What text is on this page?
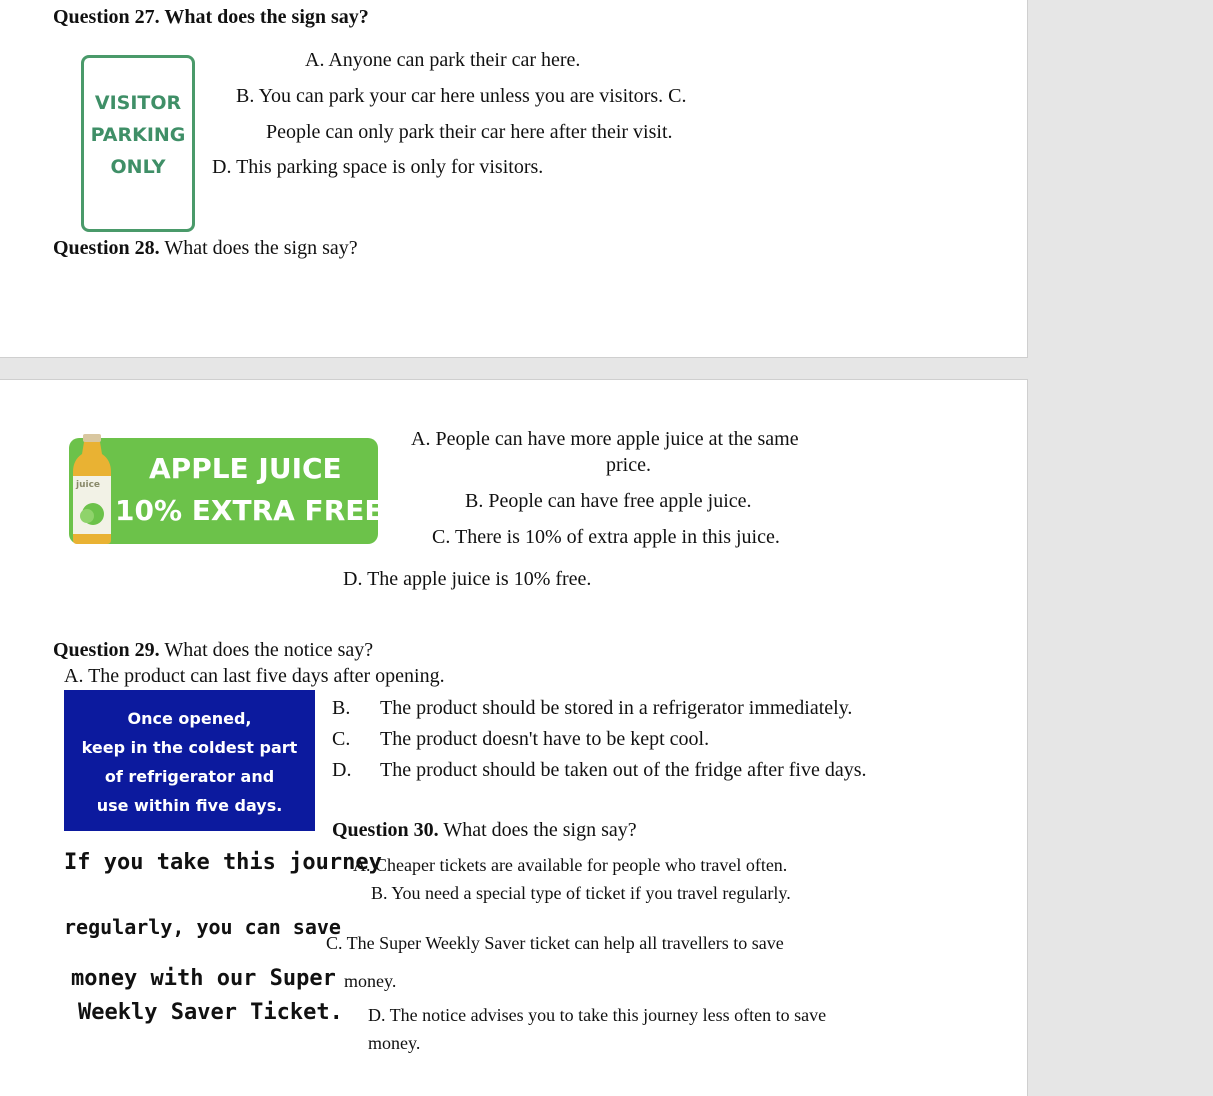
Question 27. What does the sign say?
VISITOR
PARKING
ONLY
A. Anyone can park their car here.
B. You can park your car here unless you are visitors. C.
People can only park their car here after their visit.
D. This parking space is only for visitors.
Question 28. What does the sign say?
juice APPLE JUICE
10% EXTRA FREE
A. People can have more apple juice at the same
price.
B. People can have free apple juice.
C. There is 10% of extra apple in this juice.
D. The apple juice is 10% free.
Question 29. What does the notice say?
A. The product can last five days after opening.
Once opened,
keep in the coldest part
of refrigerator and
use within five days.
B. The product should be stored in a refrigerator immediately.
C. The product doesn't have to be kept cool.
D. The product should be taken out of the fridge after five days.
Question 30. What does the sign say?
If you take this journey
regularly, you can save
money with our Super
Weekly Saver Ticket.
A. Cheaper tickets are available for people who travel often.
B. You need a special type of ticket if you travel regularly.
C. The Super Weekly Saver ticket can help all travellers to save
money.
D. The notice advises you to take this journey less often to save
money.
